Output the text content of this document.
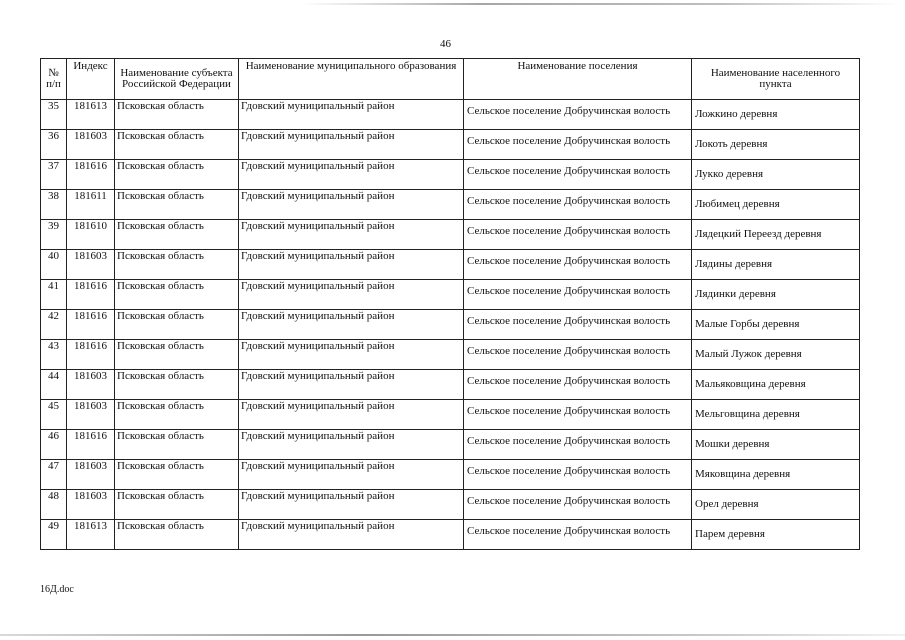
46
№ п/п	Индекс	Наименование субъекта Российской Федерации	Наименование муниципального образования	Наименование поселения	Наименование населенного пункта
35	181613	Псковская область	Гдовский муниципальный район	Сельское поселение Добручинская волость	Ложкино деревня
36	181603	Псковская область	Гдовский муниципальный район	Сельское поселение Добручинская волость	Локоть деревня
37	181616	Псковская область	Гдовский муниципальный район	Сельское поселение Добручинская волость	Лукко деревня
38	181611	Псковская область	Гдовский муниципальный район	Сельское поселение Добручинская волость	Любимец деревня
39	181610	Псковская область	Гдовский муниципальный район	Сельское поселение Добручинская волость	Лядецкий Переезд деревня
40	181603	Псковская область	Гдовский муниципальный район	Сельское поселение Добручинская волость	Лядины деревня
41	181616	Псковская область	Гдовский муниципальный район	Сельское поселение Добручинская волость	Лядинки деревня
42	181616	Псковская область	Гдовский муниципальный район	Сельское поселение Добручинская волость	Малые Горбы деревня
43	181616	Псковская область	Гдовский муниципальный район	Сельское поселение Добручинская волость	Малый Лужок деревня
44	181603	Псковская область	Гдовский муниципальный район	Сельское поселение Добручинская волость	Мальяковщина деревня
45	181603	Псковская область	Гдовский муниципальный район	Сельское поселение Добручинская волость	Мельговщина деревня
46	181616	Псковская область	Гдовский муниципальный район	Сельское поселение Добручинская волость	Мошки деревня
47	181603	Псковская область	Гдовский муниципальный район	Сельское поселение Добручинская волость	Мяковщина деревня
48	181603	Псковская область	Гдовский муниципальный район	Сельское поселение Добручинская волость	Орел деревня
49	181613	Псковская область	Гдовский муниципальный район	Сельское поселение Добручинская волость	Парем деревня
16Д.doc
